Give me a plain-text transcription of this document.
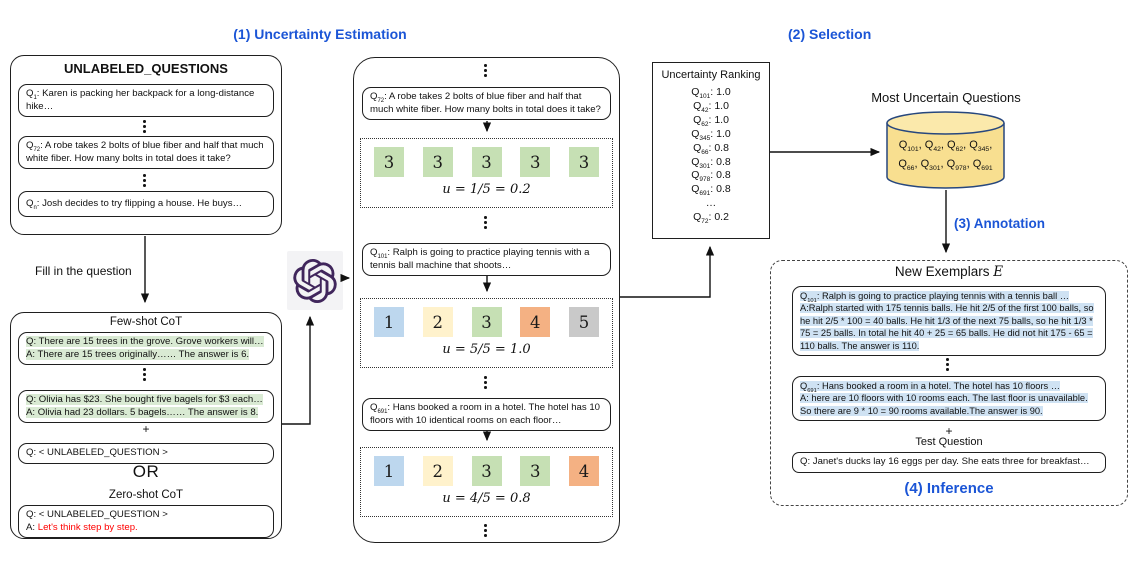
(1) Uncertainty Estimation	(2) Selection
UNLABELED_QUESTIONS
$Q_1$: Karen is packing her backpack for a long-distance hike…
$Q_{72}$: A robe takes 2 bolts of blue fiber and half that much white fiber. How many bolts in total does it take?
$Q_n$: Josh decides to try flipping a house. He buys…
Fill in the question
Few-shot CoT
Q: There are 15 trees in the grove. Grove workers will…
A: There are 15 trees originally…… The answer is 6.
Q: Olivia has $23. She bought five bagels for $3 each…
A: Olivia had 23 dollars. 5 bagels…… The answer is 8.
+
Q: < UNLABELED_QUESTION >
OR
Zero-shot CoT
Q: < UNLABELED_QUESTION >
A: Let's think step by step.
$Q_{72}$: A robe takes 2 bolts of blue fiber and half that much white fiber. How many bolts in total does it take?
3	3	3	3	3
u = 1/5 = 0.2
$Q_{101}$: Ralph is going to practice playing tennis with a tennis ball machine that shoots…
1	2	3	4	5
u = 5/5 = 1.0
$Q_{691}$: Hans booked a room in a hotel. The hotel has 10 floors with 10 identical rooms on each floor…
1	2	3	3	4
u = 4/5 = 0.8
Uncertainty Ranking
$Q_{101}$: 1.0
$Q_{42}$: 1.0
$Q_{62}$: 1.0
$Q_{345}$: 1.0
$Q_{66}$: 0.8
$Q_{301}$: 0.8
$Q_{978}$: 0.8
$Q_{691}$: 0.8
…
$Q_{72}$: 0.2
Most Uncertain Questions
$Q_{101}$, $Q_{42}$, $Q_{62}$, $Q_{345}$,
$Q_{66}$, $Q_{301}$, $Q_{978}$, $Q_{691}$
(3) Annotation
New Exemplars E
$Q_{101}$: Ralph is going to practice playing tennis with a tennis ball …
A:Ralph started with 175 tennis balls. He hit 2/5 of the first 100 balls, so he hit 2/5 * 100 = 40 balls. He hit 1/3 of the next 75 balls, so he hit 1/3 * 75 = 25 balls. In total he hit 40 + 25 = 65 balls. He did not hit 175 - 65 = 110 balls. The answer is 110.
$Q_{691}$: Hans booked a room in a hotel. The hotel has 10 floors …
A: here are 10 floors with 10 rooms each. The last floor is unavailable.
So there are 9 * 10 = 90 rooms available.The answer is 90.
+
Test Question
Q: Janet's ducks lay 16 eggs per day. She eats three for breakfast…
(4) Inference
